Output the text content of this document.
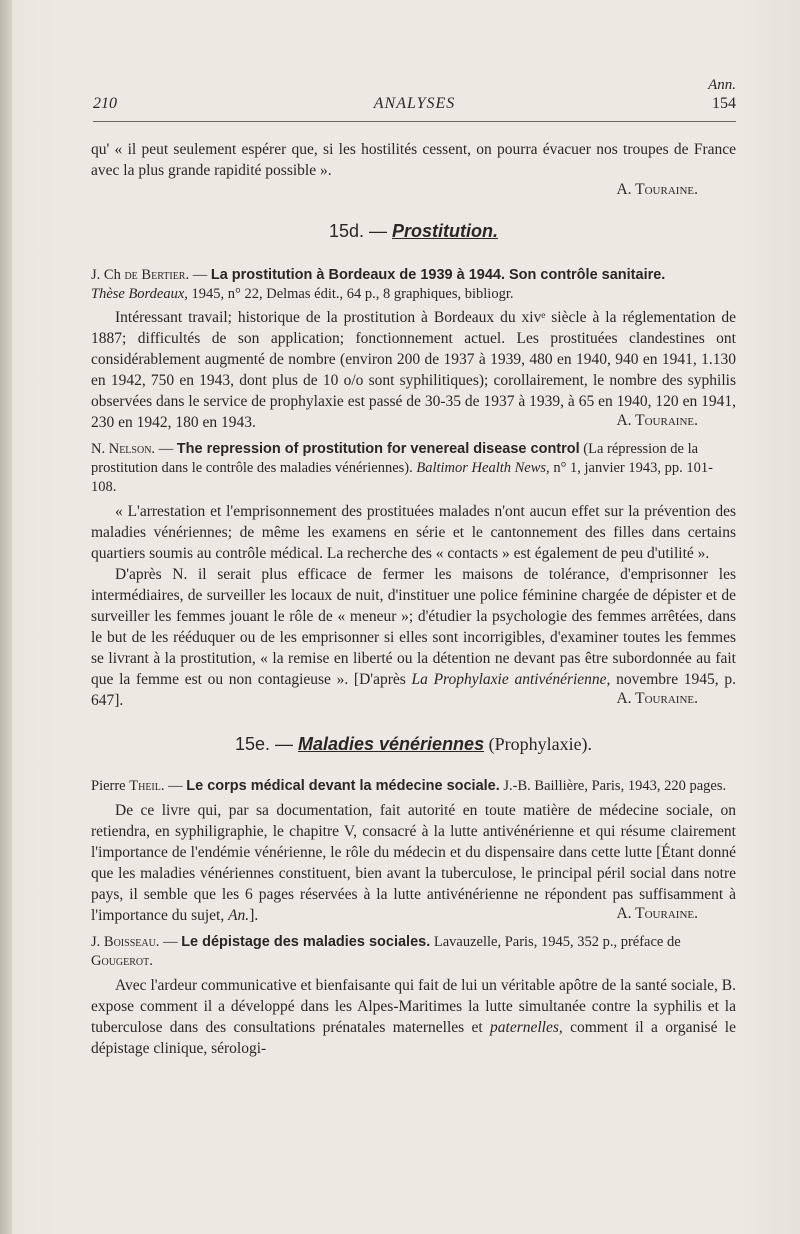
Ann.
210	ANALYSES	154

qu' « il peut seulement espérer que, si les hostilités cessent, on pourra évacuer nos troupes de France avec la plus grande rapidité possible ».

A. Touraine.

15d. — Prostitution.

J. Ch de Bertier. — La prostitution à Bordeaux de 1939 à 1944. Son contrôle sanitaire.
Thèse Bordeaux, 1945, n° 22, Delmas édit., 64 p., 8 graphiques, bibliogr.

Intéressant travail; historique de la prostitution à Bordeaux du xivᵉ siècle à la réglementation de 1887; difficultés de son application; fonctionnement actuel. Les prostituées clandestines ont considérablement augmenté de nombre (environ 200 de 1937 à 1939, 480 en 1940, 940 en 1941, 1.130 en 1942, 750 en 1943, dont plus de 10 o/o sont syphilitiques); corollairement, le nombre des syphilis observées dans le service de prophylaxie est passé de 30-35 de 1937 à 1939, à 65 en 1940, 120 en 1941, 230 en 1942, 180 en 1943.	A. Touraine.

N. Nelson. — The repression of prostitution for venereal disease control (La répression de la prostitution dans le contrôle des maladies vénériennes). Baltimor Health News, n° 1, janvier 1943, pp. 101-108.

« L'arrestation et l'emprisonnement des prostituées malades n'ont aucun effet sur la prévention des maladies vénériennes; de même les examens en série et le cantonnement des filles dans certains quartiers soumis au contrôle médical. La recherche des « contacts » est également de peu d'utilité ».

D'après N. il serait plus efficace de fermer les maisons de tolérance, d'emprisonner les intermédiaires, de surveiller les locaux de nuit, d'instituer une police féminine chargée de dépister et de surveiller les femmes jouant le rôle de « meneur »; d'étudier la psychologie des femmes arrêtées, dans le but de les rééduquer ou de les emprisonner si elles sont incorrigibles, d'examiner toutes les femmes se livrant à la prostitution, « la remise en liberté ou la détention ne devant pas être subordonnée au fait que la femme est ou non contagieuse ». [D'après La Prophylaxie antivénérienne, novembre 1945, p. 647].	A. Touraine.

15e. — Maladies vénériennes (Prophylaxie).

Pierre Theil. — Le corps médical devant la médecine sociale. J.-B. Baillière, Paris, 1943, 220 pages.

De ce livre qui, par sa documentation, fait autorité en toute matière de médecine sociale, on retiendra, en syphiligraphie, le chapitre V, consacré à la lutte antivénérienne et qui résume clairement l'importance de l'endémie vénérienne, le rôle du médecin et du dispensaire dans cette lutte [Étant donné que les maladies vénériennes constituent, bien avant la tuberculose, le principal péril social dans notre pays, il semble que les 6 pages réservées à la lutte antivénérienne ne répondent pas suffisamment à l'importance du sujet, An.].	A. Touraine.

J. Boisseau. — Le dépistage des maladies sociales. Lavauzelle, Paris, 1945, 352 p., préface de Gougerot.

Avec l'ardeur communicative et bienfaisante qui fait de lui un véritable apôtre de la santé sociale, B. expose comment il a développé dans les Alpes-Maritimes la lutte simultanée contre la syphilis et la tuberculose dans des consultations prénatales maternelles et paternelles, comment il a organisé le dépistage clinique, sérologi-
